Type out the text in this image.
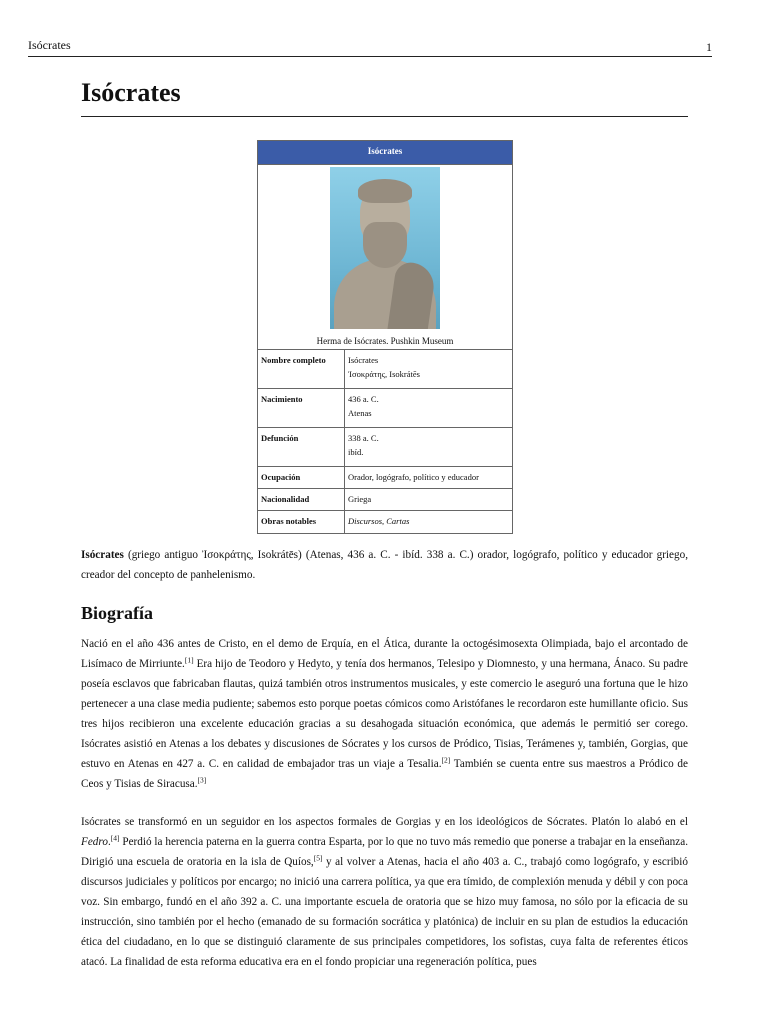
Isócrates	1
Isócrates
Isócrates
Herma de Isócrates. Pushkin Museum
Nombre completo	Isócrates
Ἰσοκράτης, Isokrátēs

Nacimiento	436 a. C.
Atenas

Defunción	338 a. C.
ibíd.

Ocupación	Orador, logógrafo, político y educador
Nacionalidad	Griega
Obras notables	Discursos, Cartas

Isócrates (griego antiguo Ἰσοκράτης, Isokrátēs) (Atenas, 436 a. C. - ibíd. 338 a. C.) orador, logógrafo, político y educador griego, creador del concepto de panhelenismo.

Biografía

Nació en el año 436 antes de Cristo, en el demo de Erquía, en el Ática, durante la octogésimosexta Olimpiada, bajo el arcontado de Lisímaco de Mirriunte.[1] Era hijo de Teodoro y Hedyto, y tenía dos hermanos, Telesipo y Diomnesto, y una hermana, Ánaco. Su padre poseía esclavos que fabricaban flautas, quizá también otros instrumentos musicales, y este comercio le aseguró una fortuna que le hizo pertenecer a una clase media pudiente; sabemos esto porque poetas cómicos como Aristófanes le recordaron este humillante oficio. Sus tres hijos recibieron una excelente educación gracias a su desahogada situación económica, que además le permitió ser corego. Isócrates asistió en Atenas a los debates y discusiones de Sócrates y los cursos de Pródico, Tisias, Terámenes y, también, Gorgias, que estuvo en Atenas en 427 a. C. en calidad de embajador tras un viaje a Tesalia.[2] También se cuenta entre sus maestros a Pródico de Ceos y Tisias de Siracusa.[3]

Isócrates se transformó en un seguidor en los aspectos formales de Gorgias y en los ideológicos de Sócrates. Platón lo alabó en el Fedro.[4] Perdió la herencia paterna en la guerra contra Esparta, por lo que no tuvo más remedio que ponerse a trabajar en la enseñanza. Dirigió una escuela de oratoria en la isla de Quíos,[5] y al volver a Atenas, hacia el año 403 a. C., trabajó como logógrafo, y escribió discursos judiciales y políticos por encargo; no inició una carrera política, ya que era tímido, de complexión menuda y débil y con poca voz. Sin embargo, fundó en el año 392 a. C. una importante escuela de oratoria que se hizo muy famosa, no sólo por la eficacia de su instrucción, sino también por el hecho (emanado de su formación socrática y platónica) de incluir en su plan de estudios la educación ética del ciudadano, en lo que se distinguió claramente de sus principales competidores, los sofistas, cuya falta de referentes éticos atacó. La finalidad de esta reforma educativa era en el fondo propiciar una regeneración política, pues
